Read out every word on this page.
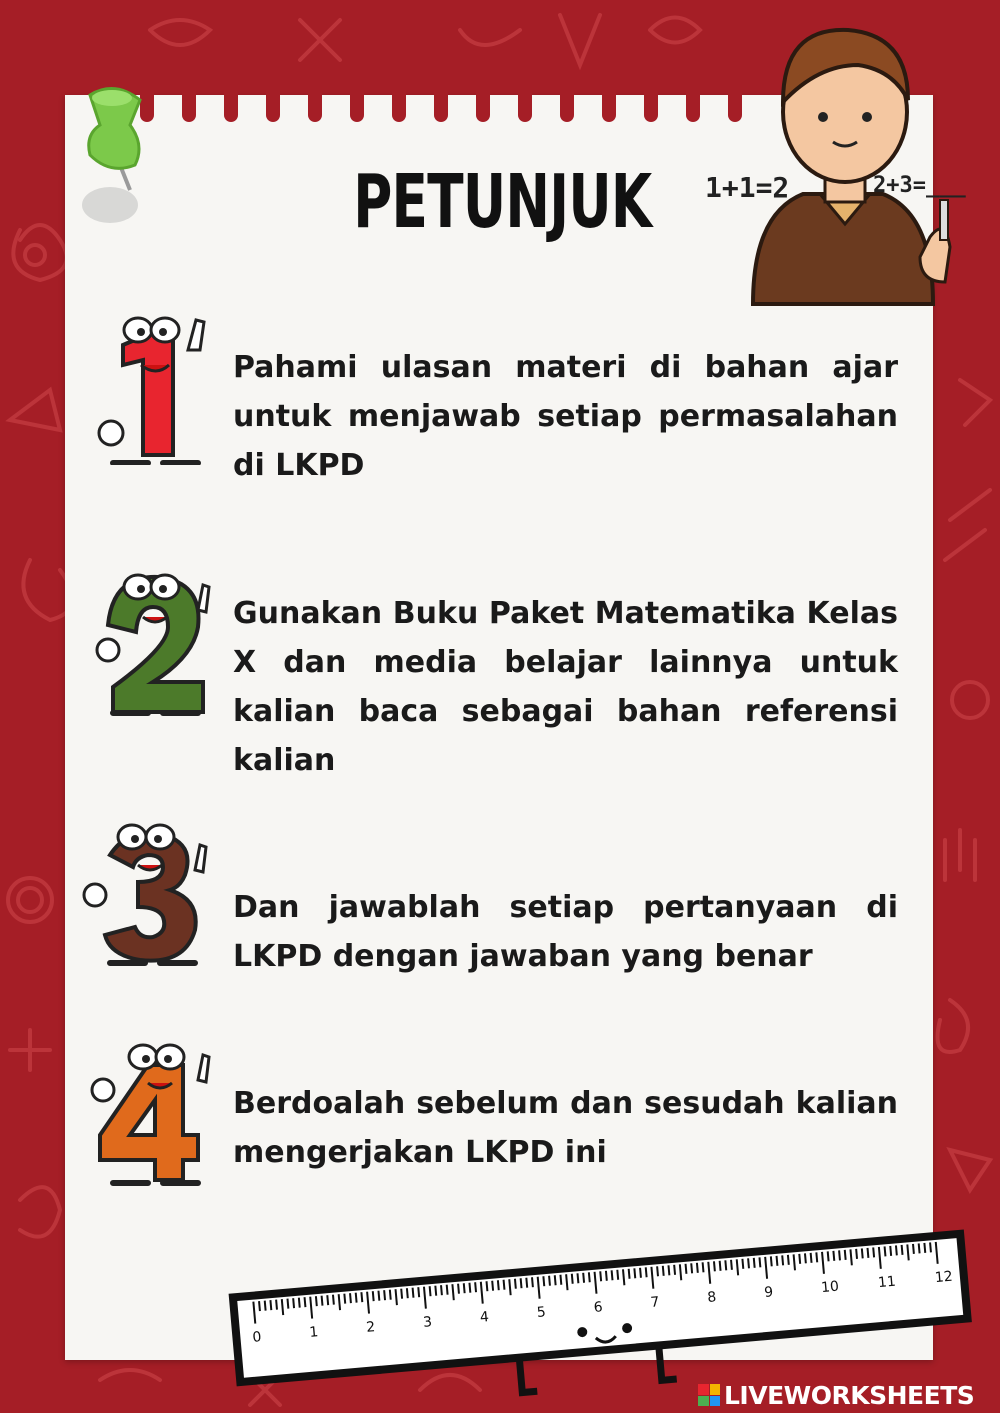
PETUNJUK 1+1=2	2+3=___
Pahami ulasan materi di bahan ajar untuk menjawab setiap permasalahan di LKPD
Gunakan Buku Paket Matematika Kelas X dan media belajar lainnya untuk kalian baca sebagai bahan referensi kalian
Dan jawablah setiap pertanyaan di LKPD dengan jawaban yang benar
Berdoalah sebelum dan sesudah kalian mengerjakan LKPD ini
0	1	2	3	4	5	6	7	8	9	10	11	12
LIVEWORKSHEETS
